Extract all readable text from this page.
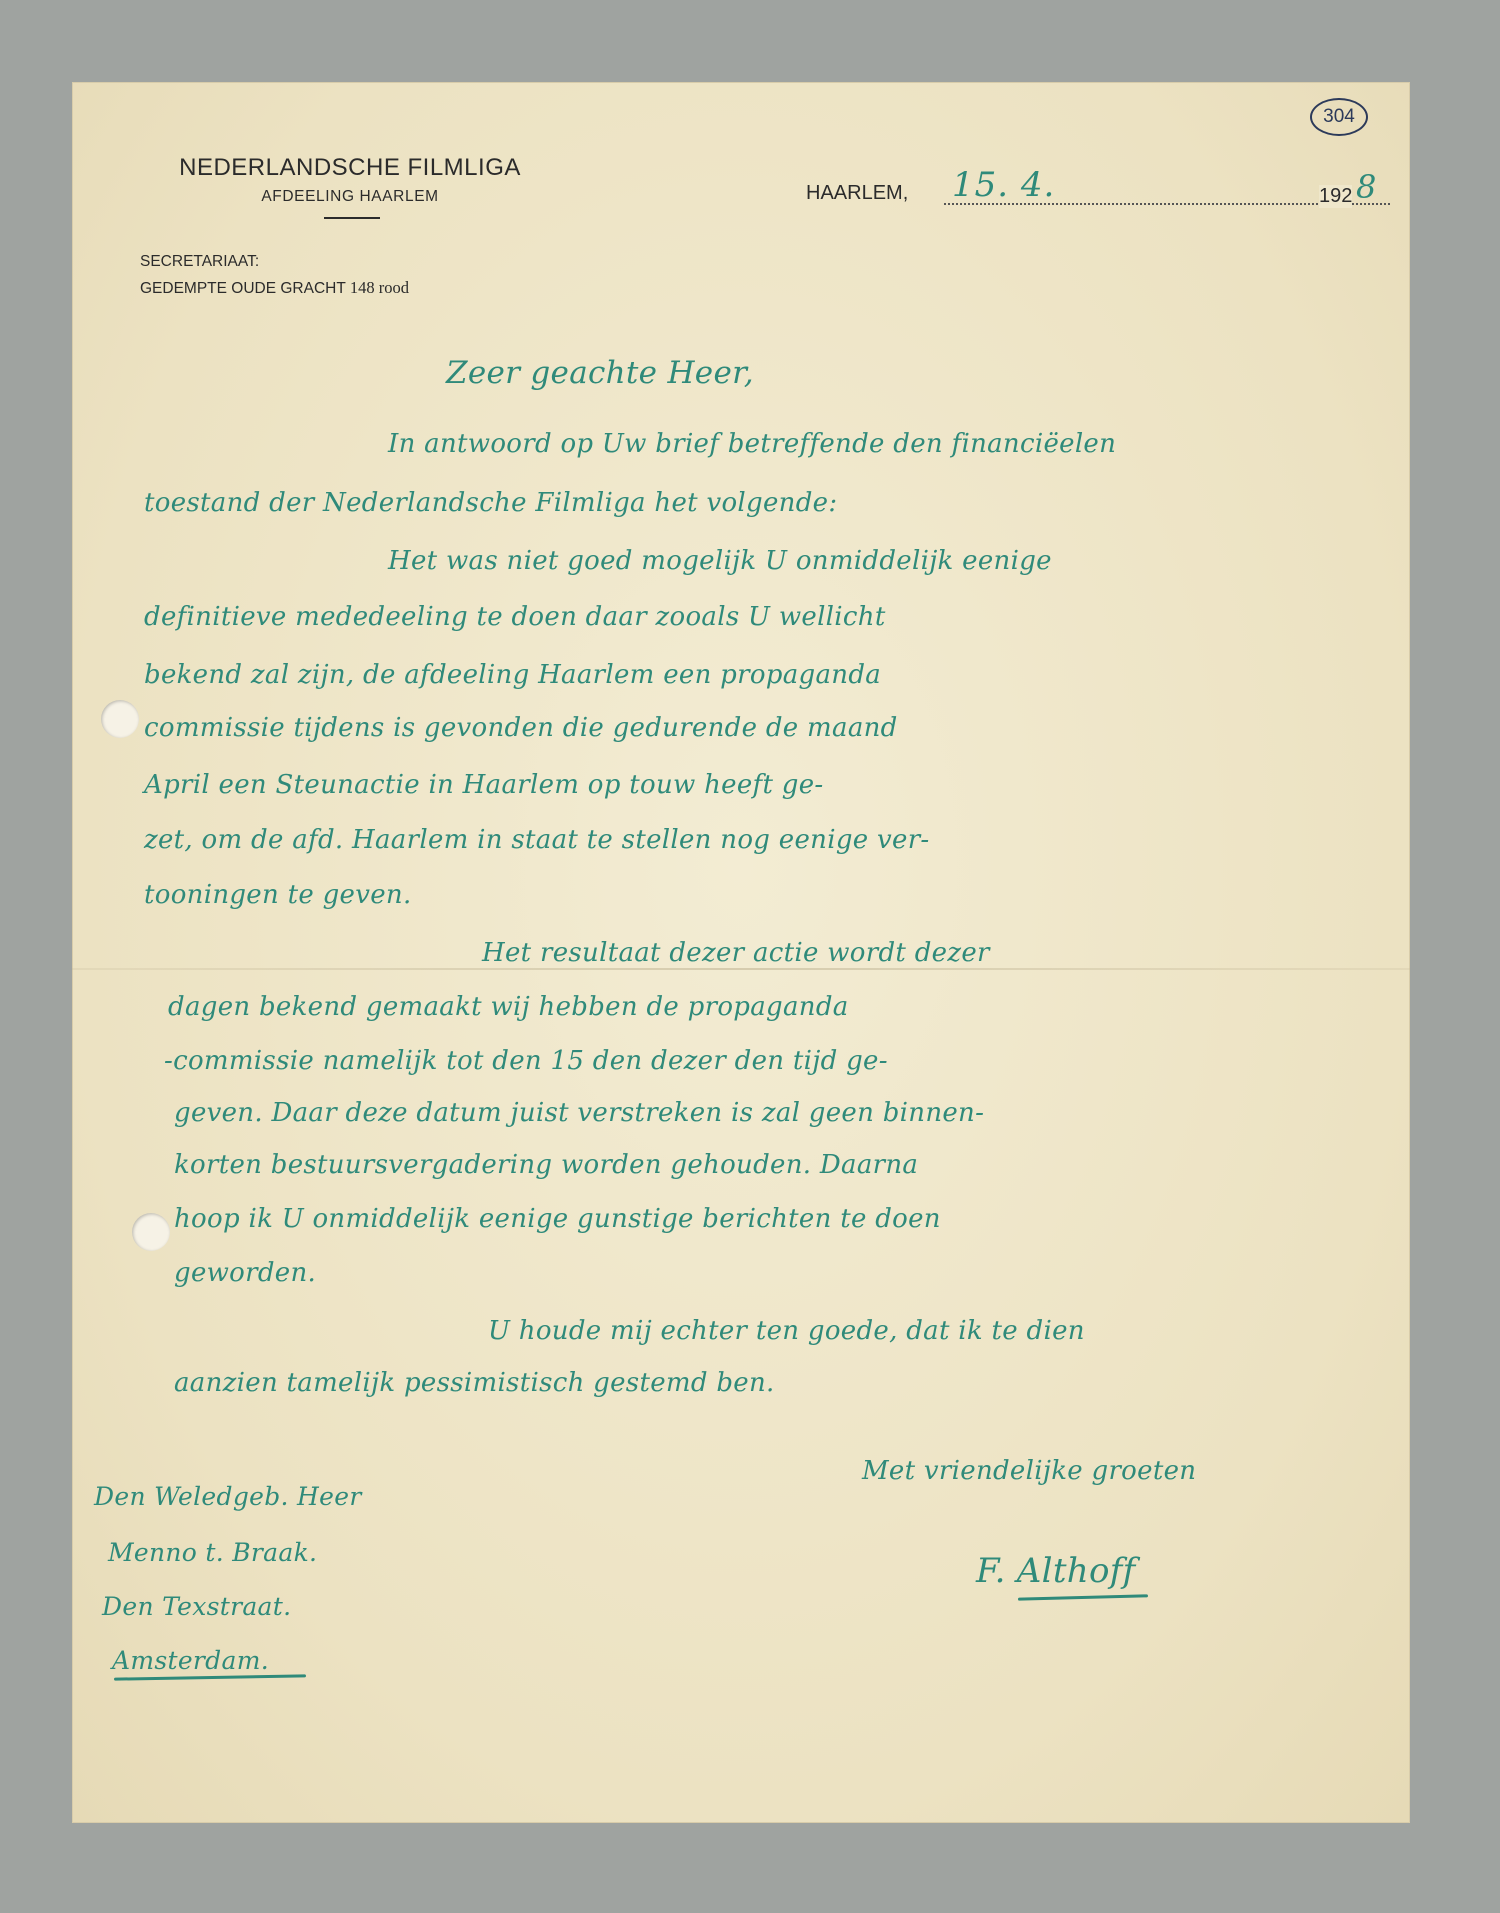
304
NEDERLANDSCHE FILMLIGA
AFDEELING HAARLEM
SECRETARIAAT:
GEDEMPTE OUDE GRACHT 148 rood
HAARLEM, 15. 4.	192 8
Zeer geachte Heer,
In antwoord op Uw brief betreffende den financiëelen
toestand der Nederlandsche Filmliga het volgende:
Het was niet goed mogelijk U onmiddelijk eenige
definitieve mededeeling te doen daar zooals U wellicht
bekend zal zijn, de afdeeling Haarlem een propaganda
commissie tijdens is gevonden die gedurende de maand
April een Steunactie in Haarlem op touw heeft ge-
zet, om de afd. Haarlem in staat te stellen nog eenige ver-
tooningen te geven.
Het resultaat dezer actie wordt dezer
dagen bekend gemaakt wij hebben de propaganda
-commissie namelijk tot den 15 den dezer den tijd ge-
geven. Daar deze datum juist verstreken is zal geen binnen-
korten bestuursvergadering worden gehouden. Daarna
hoop ik U onmiddelijk eenige gunstige berichten te doen
geworden.
U houde mij echter ten goede, dat ik te dien
aanzien tamelijk pessimistisch gestemd ben.
Met vriendelijke groeten
F. Althoff
Den Weledgeb. Heer
Menno t. Braak.
Den Texstraat.
Amsterdam.
